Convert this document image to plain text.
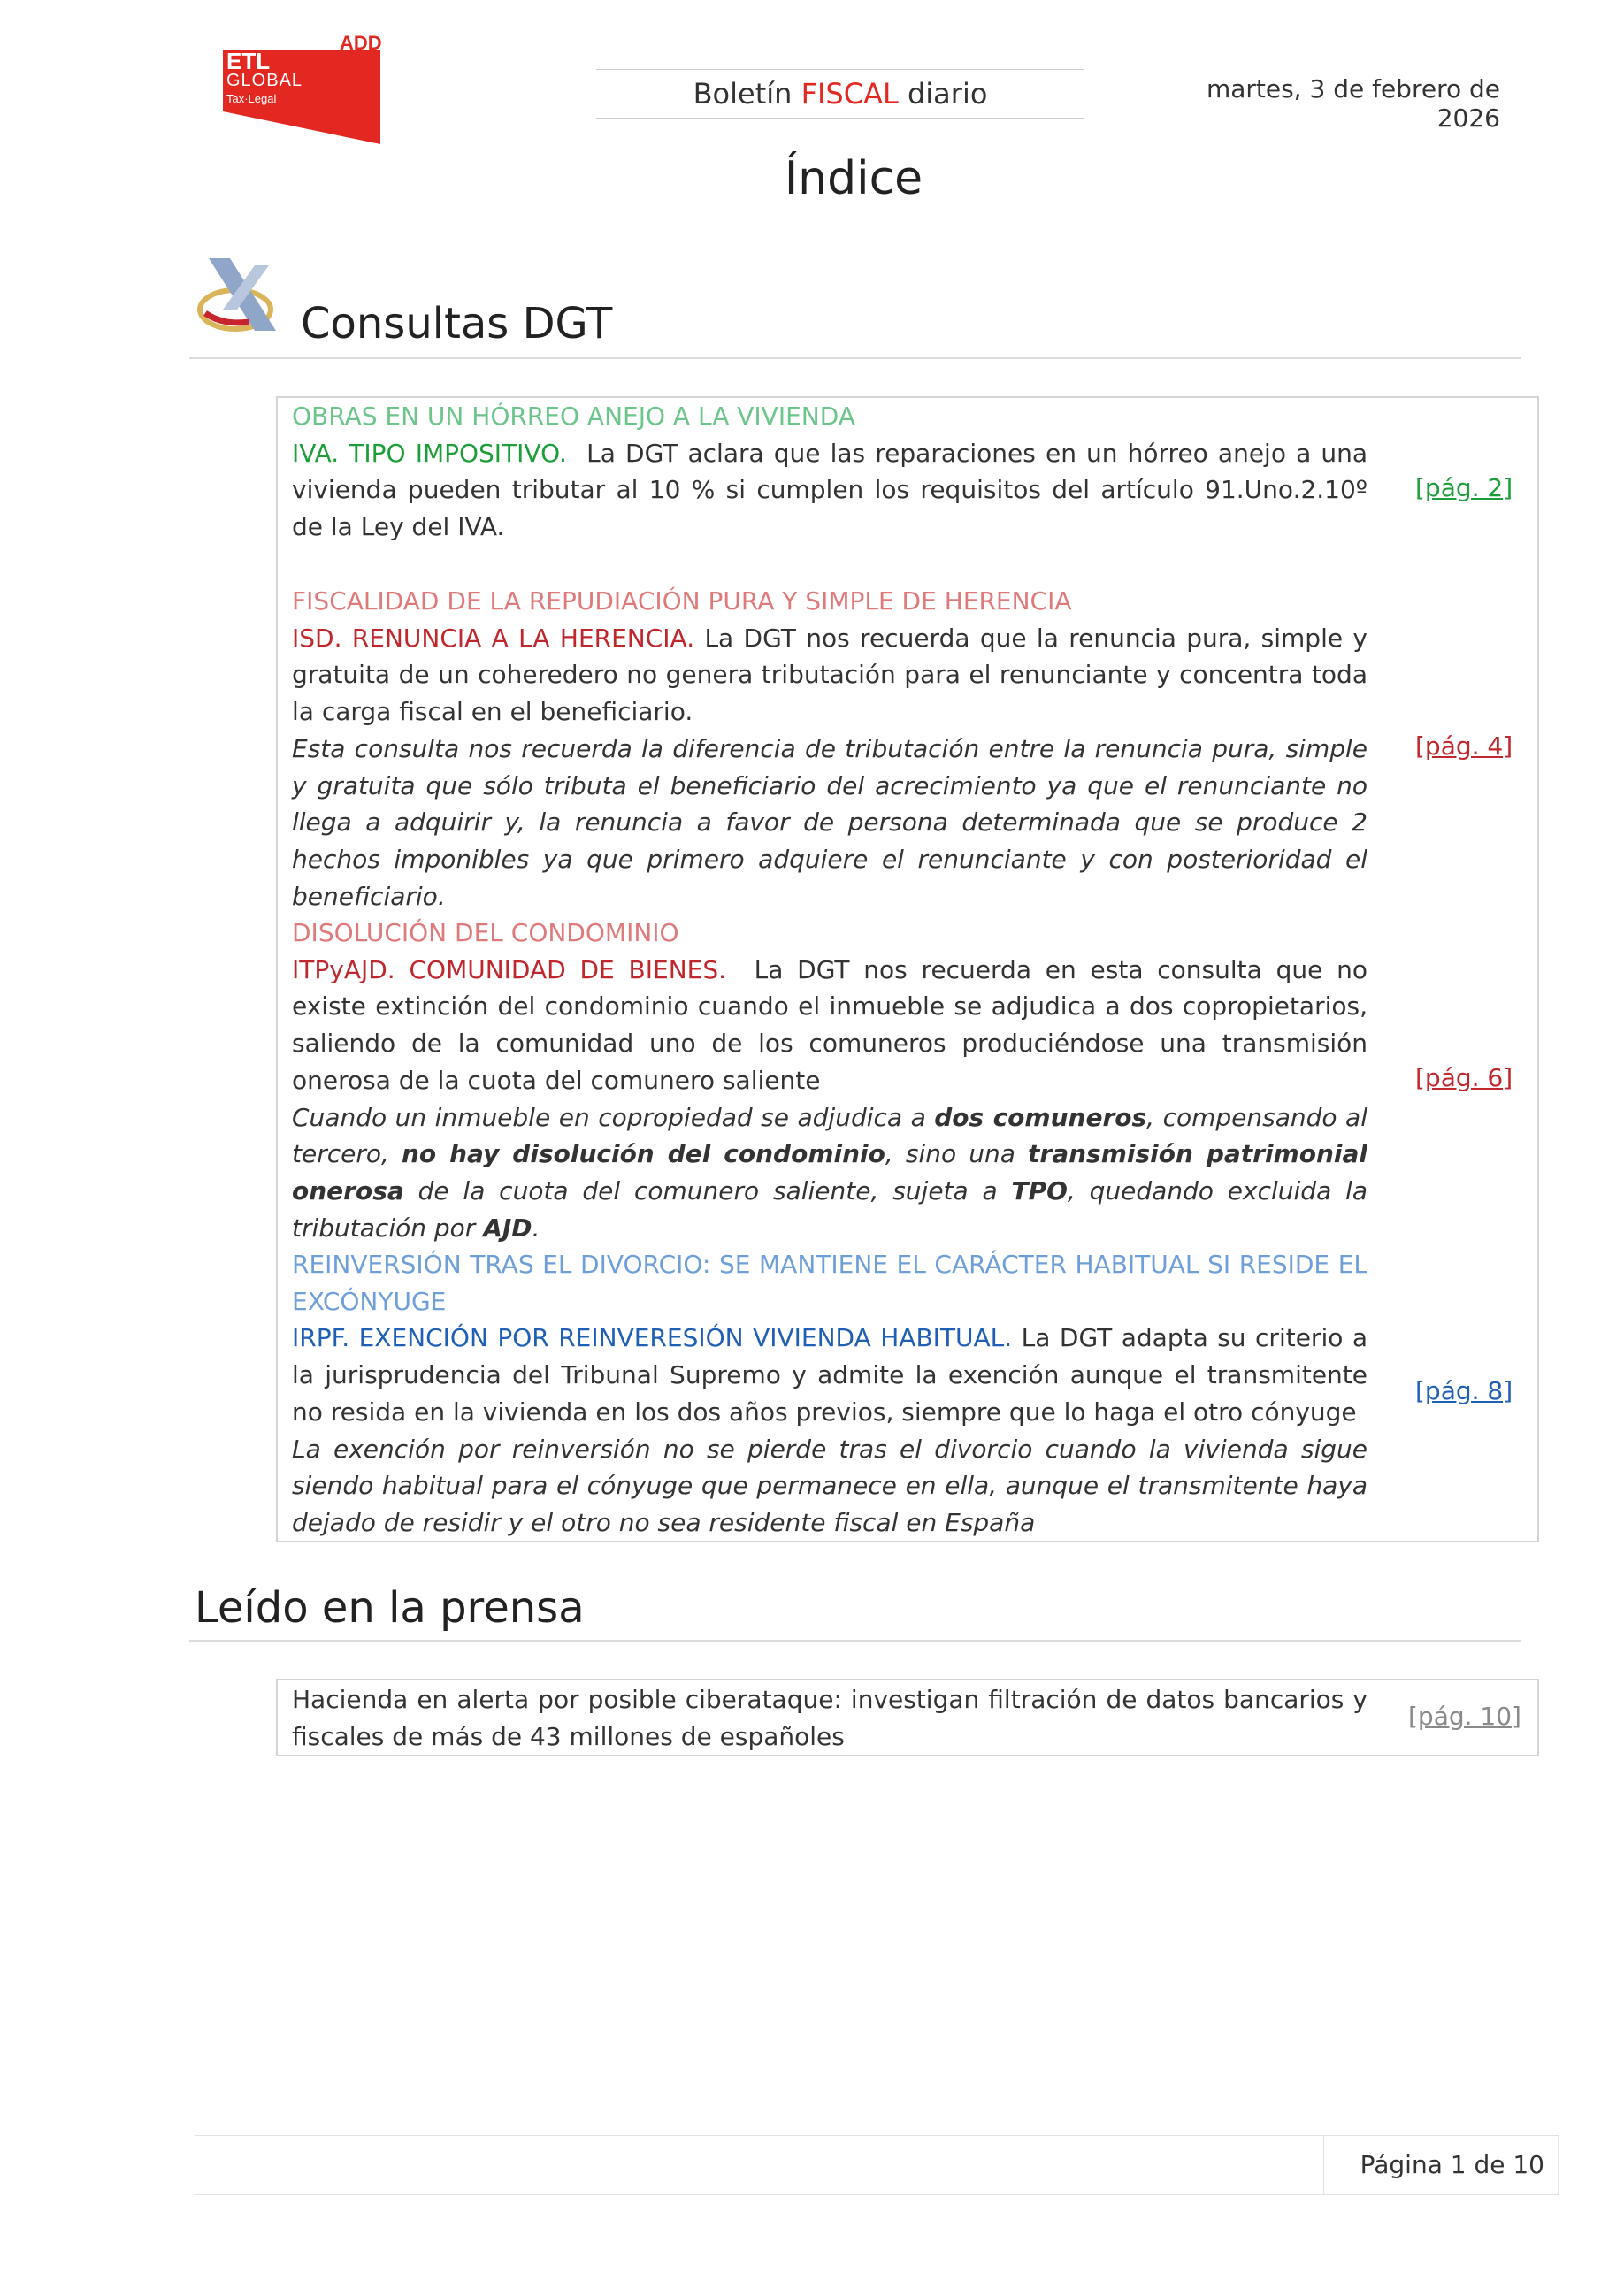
ADD
ETL
GLOBAL
Tax·Legal	Boletín FISCAL diario	martes, 3 de febrero de 2026
Índice
Consultas DGT

OBRAS EN UN HÓRREO ANEJO A LA VIVIENDA

IVA. TIPO IMPOSITIVO. La DGT aclara que las reparaciones en un hórreo anejo a una vivienda pueden tributar al 10 % si cumplen los requisitos del artículo 91.Uno.2.10º de la Ley del IVA.

[pág. 2]

FISCALIDAD DE LA REPUDIACIÓN PURA Y SIMPLE DE HERENCIA

ISD. RENUNCIA A LA HERENCIA. La DGT nos recuerda que la renuncia pura, simple y gratuita de un coheredero no genera tributación para el renunciante y concentra toda la carga fiscal en el beneficiario.

Esta consulta nos recuerda la diferencia de tributación entre la renuncia pura, simple y gratuita que sólo tributa el beneficiario del acrecimiento ya que el renunciante no llega a adquirir y, la renuncia a favor de persona determinada que se produce 2 hechos imponibles ya que primero adquiere el renunciante y con posterioridad el beneficiario.

[pág. 4]

DISOLUCIÓN DEL CONDOMINIO

ITPyAJD. COMUNIDAD DE BIENES. La DGT nos recuerda en esta consulta que no existe extinción del condominio cuando el inmueble se adjudica a dos copropietarios, saliendo de la comunidad uno de los comuneros produciéndose una transmisión onerosa de la cuota del comunero saliente

Cuando un inmueble en copropiedad se adjudica a dos comuneros, compensando al tercero, no hay disolución del condominio, sino una transmisión patrimonial onerosa de la cuota del comunero saliente, sujeta a TPO, quedando excluida la tributación por AJD.

[pág. 6]

REINVERSIÓN TRAS EL DIVORCIO: SE MANTIENE EL CARÁCTER HABITUAL SI RESIDE EL EXCÓNYUGE

IRPF. EXENCIÓN POR REINVERESIÓN VIVIENDA HABITUAL. La DGT adapta su criterio a la jurisprudencia del Tribunal Supremo y admite la exención aunque el transmitente no resida en la vivienda en los dos años previos, siempre que lo haga el otro cónyuge

La exención por reinversión no se pierde tras el divorcio cuando la vivienda sigue siendo habitual para el cónyuge que permanece en ella, aunque el transmitente haya dejado de residir y el otro no sea residente fiscal en España

[pág. 8]
Leído en la prensa
Hacienda en alerta por posible ciberataque: investigan filtración de datos bancarios y fiscales de más de 43 millones de españoles
[pág. 10]
Página 1 de 10
